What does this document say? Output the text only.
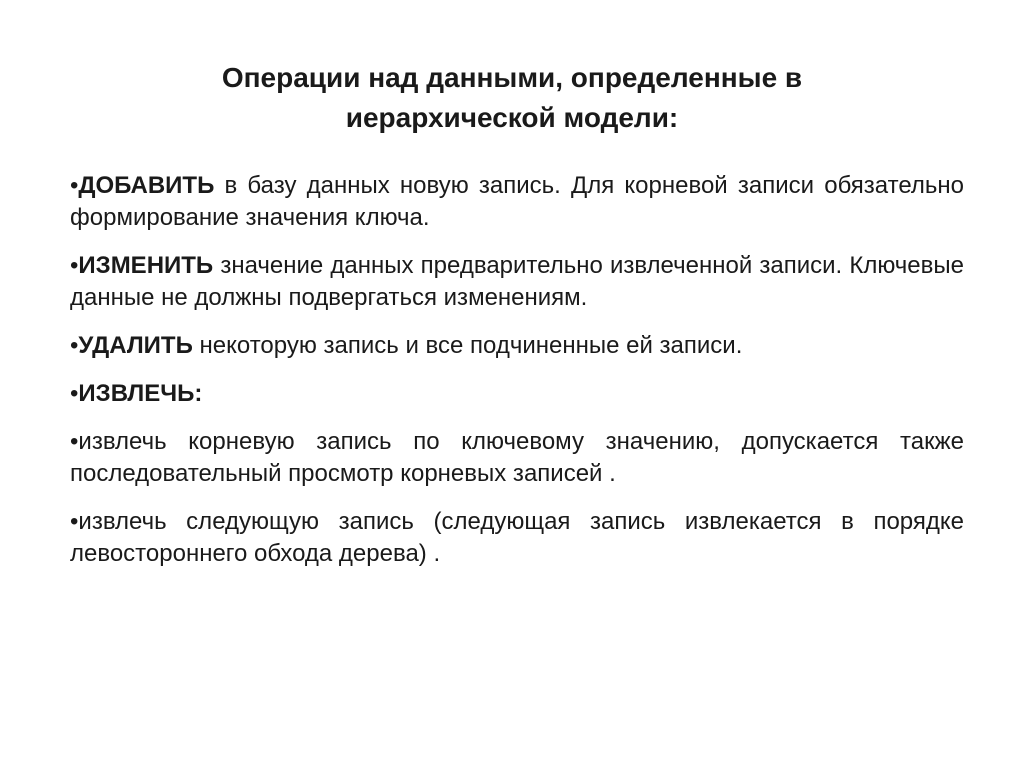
Операции над данными, определенные в
иерархической модели:

•ДОБАВИТЬ в базу данных новую запись. Для корневой записи обязательно формирование значения ключа.

•ИЗМЕНИТЬ значение данных предварительно извлеченной записи. Ключевые данные не должны подвергаться изменениям.

•УДАЛИТЬ некоторую запись и все подчиненные ей записи.

•ИЗВЛЕЧЬ:

•извлечь корневую запись по ключевому значению, допускается также последовательный просмотр корневых записей .

•извлечь следующую запись (следующая запись извлекается в порядке левостороннего обхода дерева) .
